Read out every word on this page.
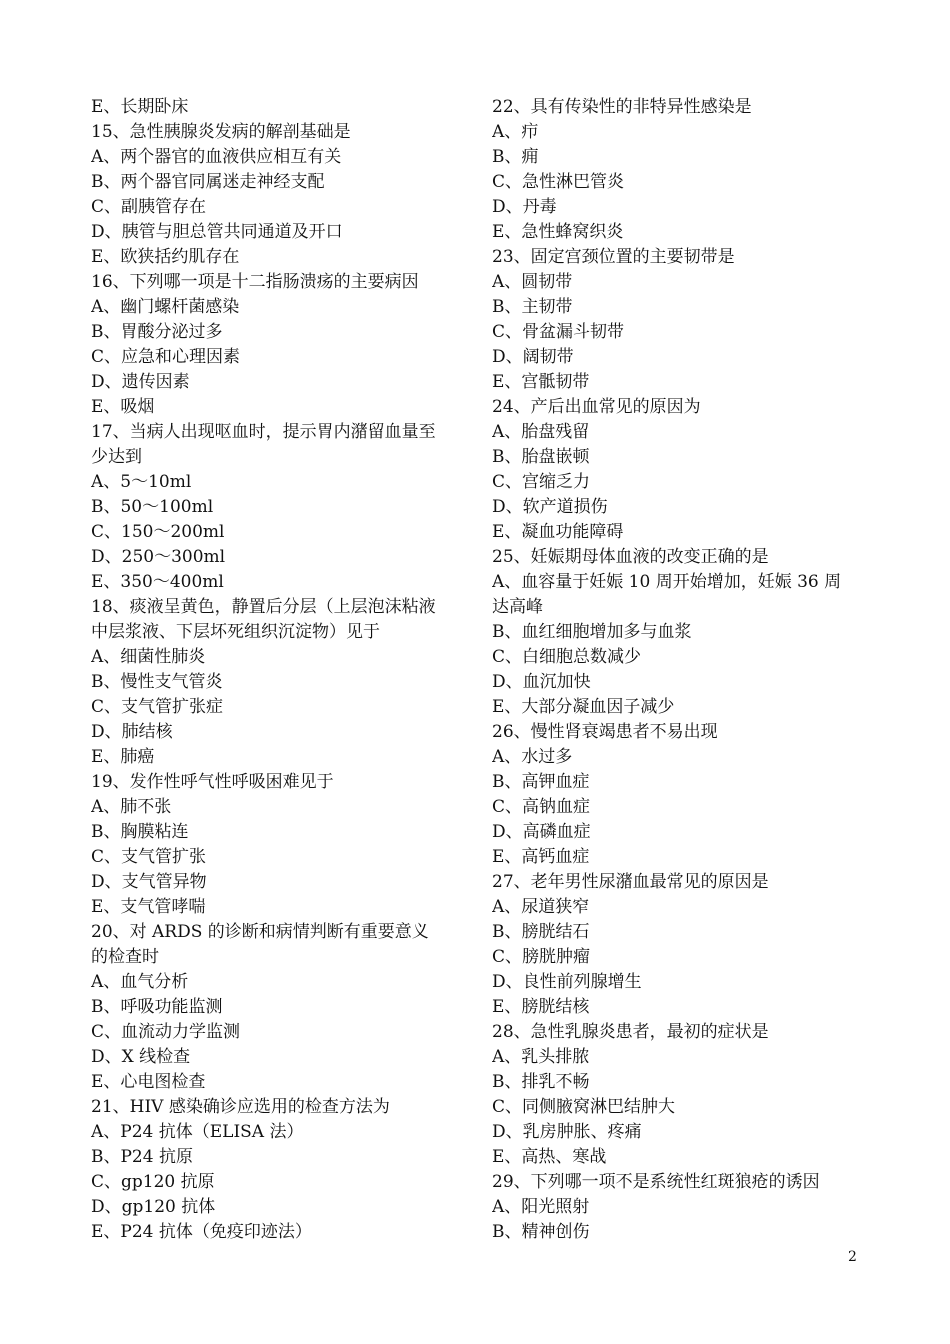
E、长期卧床
15、急性胰腺炎发病的解剖基础是
A、两个器官的血液供应相互有关
B、两个器官同属迷走神经支配
C、副胰管存在
D、胰管与胆总管共同通道及开口
E、欧狭括约肌存在
16、下列哪一项是十二指肠溃疡的主要病因
A、幽门螺杆菌感染
B、胃酸分泌过多
C、应急和心理因素
D、遗传因素
E、吸烟
17、当病人出现呕血时，提示胃内潴留血量至
少达到
A、5～10ml
B、50～100ml
C、150～200ml
D、250～300ml
E、350～400ml
18、痰液呈黄色，静置后分层（上层泡沫粘液
中层浆液、下层坏死组织沉淀物）见于
A、细菌性肺炎
B、慢性支气管炎
C、支气管扩张症
D、肺结核
E、肺癌
19、发作性呼气性呼吸困难见于
A、肺不张
B、胸膜粘连
C、支气管扩张
D、支气管异物
E、支气管哮喘
20、对 ARDS 的诊断和病情判断有重要意义
的检查时
A、血气分析
B、呼吸功能监测
C、血流动力学监测
D、X 线检查
E、心电图检查
21、HIV 感染确诊应选用的检查方法为
A、P24 抗体（ELISA 法）
B、P24 抗原
C、gp120 抗原
D、gp120 抗体
E、P24 抗体（免疫印迹法）
22、具有传染性的非特异性感染是
A、疖
B、痈
C、急性淋巴管炎
D、丹毒
E、急性蜂窝织炎
23、固定宫颈位置的主要韧带是
A、圆韧带
B、主韧带
C、骨盆漏斗韧带
D、阔韧带
E、宫骶韧带
24、产后出血常见的原因为
A、胎盘残留
B、胎盘嵌顿
C、宫缩乏力
D、软产道损伤
E、凝血功能障碍
25、妊娠期母体血液的改变正确的是
A、血容量于妊娠 10 周开始增加，妊娠 36 周
达高峰
B、血红细胞增加多与血浆
C、白细胞总数减少
D、血沉加快
E、大部分凝血因子减少
26、慢性肾衰竭患者不易出现
A、水过多
B、高钾血症
C、高钠血症
D、高磷血症
E、高钙血症
27、老年男性尿潴血最常见的原因是
A、尿道狭窄
B、膀胱结石
C、膀胱肿瘤
D、良性前列腺增生
E、膀胱结核
28、急性乳腺炎患者，最初的症状是
A、乳头排脓
B、排乳不畅
C、同侧腋窝淋巴结肿大
D、乳房肿胀、疼痛
E、高热、寒战
29、下列哪一项不是系统性红斑狼疮的诱因
A、阳光照射
B、精神创伤
2
